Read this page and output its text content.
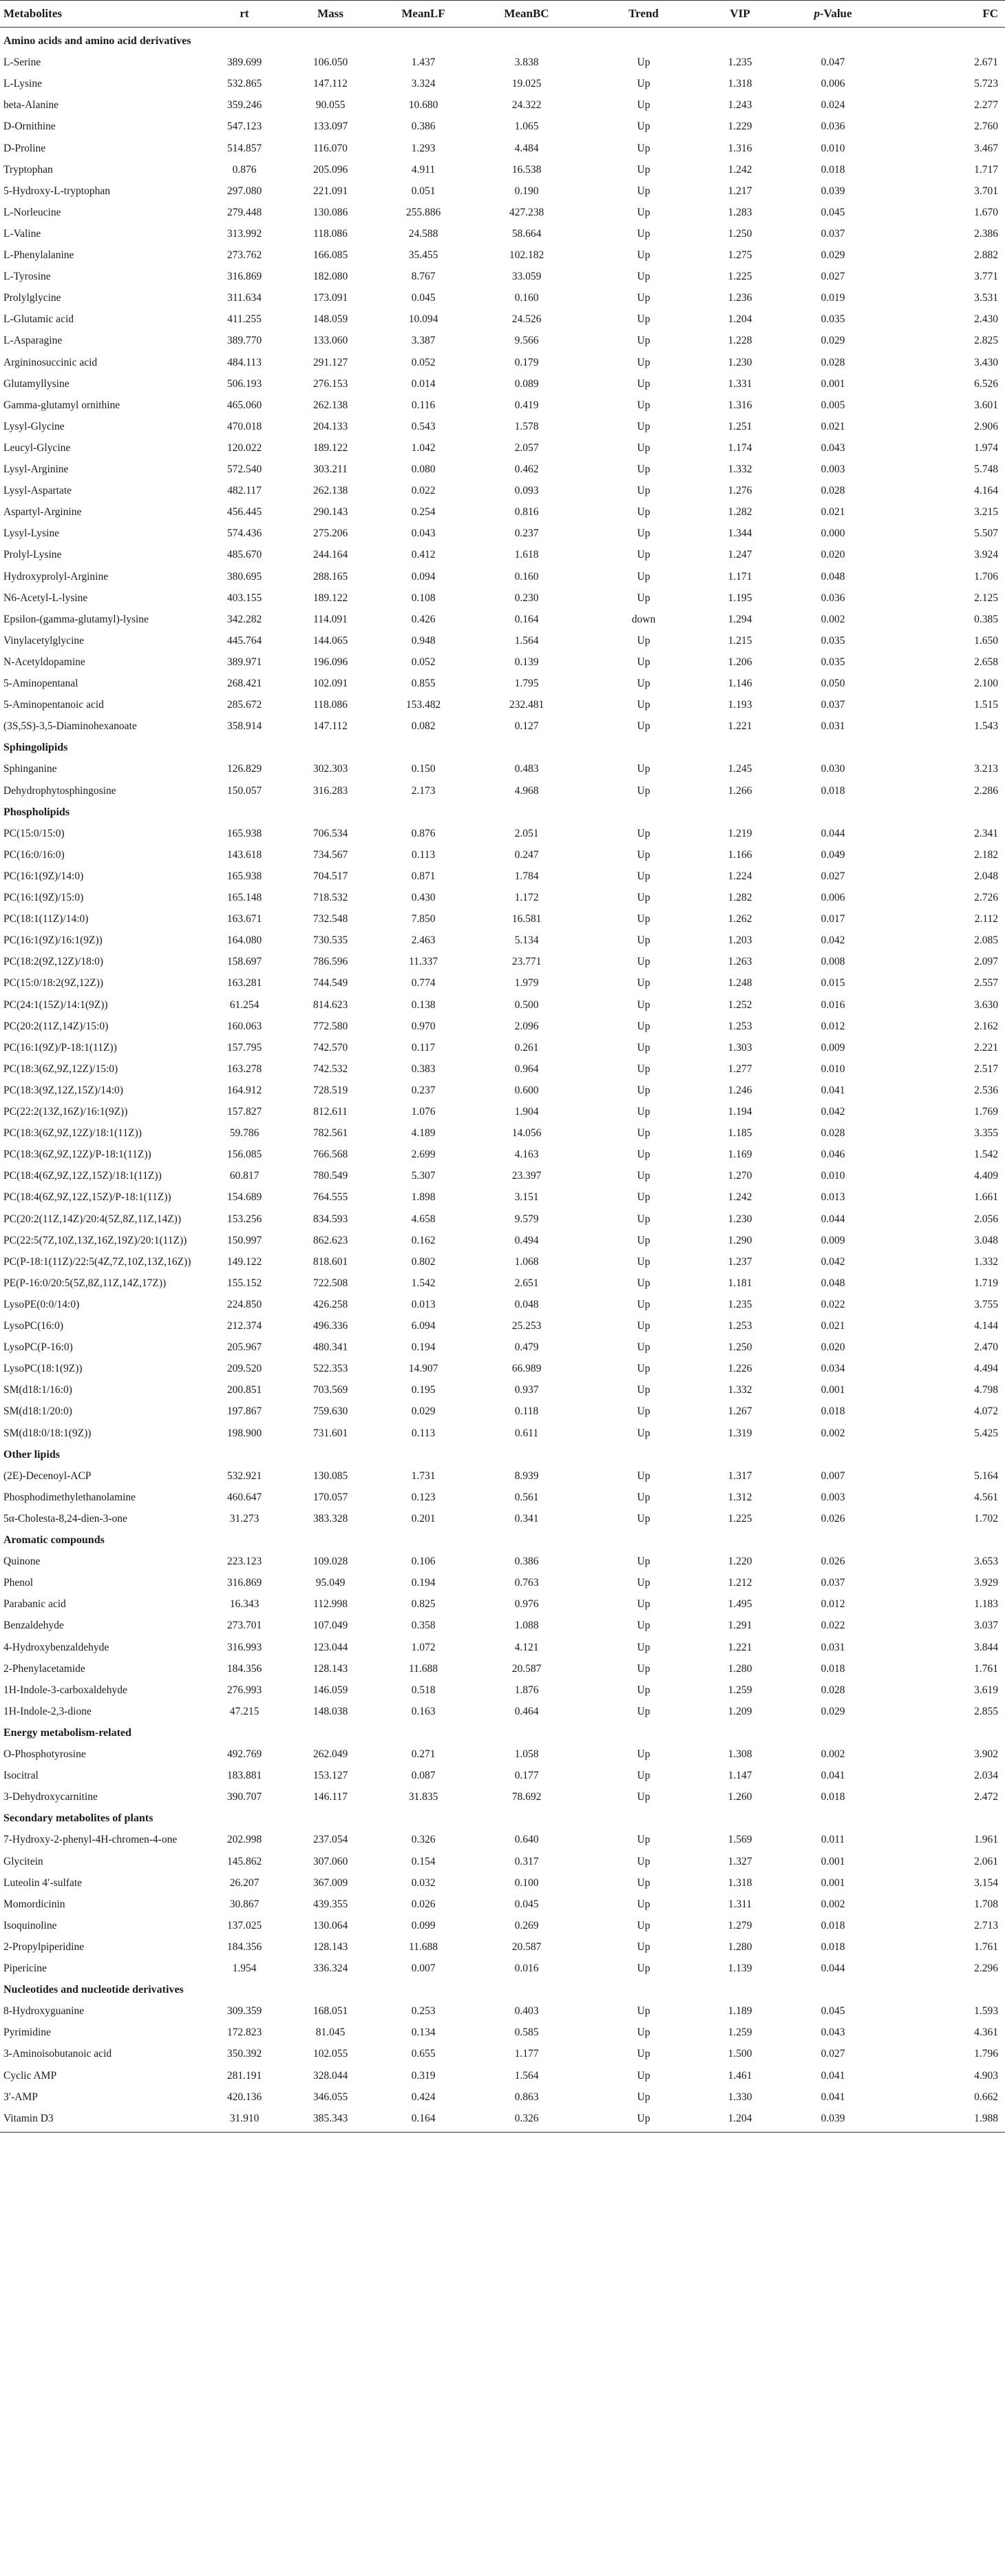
Metabolites	rt	Mass	MeanLF	MeanBC	Trend	VIP	p-Value	FC
Amino acids and amino acid derivatives
L-Serine	389.699	106.050	1.437	3.838	Up	1.235	0.047	2.671
L-Lysine	532.865	147.112	3.324	19.025	Up	1.318	0.006	5.723
beta-Alanine	359.246	90.055	10.680	24.322	Up	1.243	0.024	2.277
D-Ornithine	547.123	133.097	0.386	1.065	Up	1.229	0.036	2.760
D-Proline	514.857	116.070	1.293	4.484	Up	1.316	0.010	3.467
Tryptophan	0.876	205.096	4.911	16.538	Up	1.242	0.018	1.717
5-Hydroxy-L-tryptophan	297.080	221.091	0.051	0.190	Up	1.217	0.039	3.701
L-Norleucine	279.448	130.086	255.886	427.238	Up	1.283	0.045	1.670
L-Valine	313.992	118.086	24.588	58.664	Up	1.250	0.037	2.386
L-Phenylalanine	273.762	166.085	35.455	102.182	Up	1.275	0.029	2.882
L-Tyrosine	316.869	182.080	8.767	33.059	Up	1.225	0.027	3.771
Prolylglycine	311.634	173.091	0.045	0.160	Up	1.236	0.019	3.531
L-Glutamic acid	411.255	148.059	10.094	24.526	Up	1.204	0.035	2.430
L-Asparagine	389.770	133.060	3.387	9.566	Up	1.228	0.029	2.825
Argininosuccinic acid	484.113	291.127	0.052	0.179	Up	1.230	0.028	3.430
Glutamyllysine	506.193	276.153	0.014	0.089	Up	1.331	0.001	6.526
Gamma-glutamyl ornithine	465.060	262.138	0.116	0.419	Up	1.316	0.005	3.601
Lysyl-Glycine	470.018	204.133	0.543	1.578	Up	1.251	0.021	2.906
Leucyl-Glycine	120.022	189.122	1.042	2.057	Up	1.174	0.043	1.974
Lysyl-Arginine	572.540	303.211	0.080	0.462	Up	1.332	0.003	5.748
Lysyl-Aspartate	482.117	262.138	0.022	0.093	Up	1.276	0.028	4.164
Aspartyl-Arginine	456.445	290.143	0.254	0.816	Up	1.282	0.021	3.215
Lysyl-Lysine	574.436	275.206	0.043	0.237	Up	1.344	0.000	5.507
Prolyl-Lysine	485.670	244.164	0.412	1.618	Up	1.247	0.020	3.924
Hydroxyprolyl-Arginine	380.695	288.165	0.094	0.160	Up	1.171	0.048	1.706
N6-Acetyl-L-lysine	403.155	189.122	0.108	0.230	Up	1.195	0.036	2.125
Epsilon-(gamma-glutamyl)-lysine	342.282	114.091	0.426	0.164	down	1.294	0.002	0.385
Vinylacetylglycine	445.764	144.065	0.948	1.564	Up	1.215	0.035	1.650
N-Acetyldopamine	389.971	196.096	0.052	0.139	Up	1.206	0.035	2.658
5-Aminopentanal	268.421	102.091	0.855	1.795	Up	1.146	0.050	2.100
5-Aminopentanoic acid	285.672	118.086	153.482	232.481	Up	1.193	0.037	1.515
(3S,5S)-3,5-Diaminohexanoate	358.914	147.112	0.082	0.127	Up	1.221	0.031	1.543
Sphingolipids
Sphinganine	126.829	302.303	0.150	0.483	Up	1.245	0.030	3.213
Dehydrophytosphingosine	150.057	316.283	2.173	4.968	Up	1.266	0.018	2.286
Phospholipids
PC(15:0/15:0)	165.938	706.534	0.876	2.051	Up	1.219	0.044	2.341
PC(16:0/16:0)	143.618	734.567	0.113	0.247	Up	1.166	0.049	2.182
PC(16:1(9Z)/14:0)	165.938	704.517	0.871	1.784	Up	1.224	0.027	2.048
PC(16:1(9Z)/15:0)	165.148	718.532	0.430	1.172	Up	1.282	0.006	2.726
PC(18:1(11Z)/14:0)	163.671	732.548	7.850	16.581	Up	1.262	0.017	2.112
PC(16:1(9Z)/16:1(9Z))	164.080	730.535	2.463	5.134	Up	1.203	0.042	2.085
PC(18:2(9Z,12Z)/18:0)	158.697	786.596	11.337	23.771	Up	1.263	0.008	2.097
PC(15:0/18:2(9Z,12Z))	163.281	744.549	0.774	1.979	Up	1.248	0.015	2.557
PC(24:1(15Z)/14:1(9Z))	61.254	814.623	0.138	0.500	Up	1.252	0.016	3.630
PC(20:2(11Z,14Z)/15:0)	160.063	772.580	0.970	2.096	Up	1.253	0.012	2.162
PC(16:1(9Z)/P-18:1(11Z))	157.795	742.570	0.117	0.261	Up	1.303	0.009	2.221
PC(18:3(6Z,9Z,12Z)/15:0)	163.278	742.532	0.383	0.964	Up	1.277	0.010	2.517
PC(18:3(9Z,12Z,15Z)/14:0)	164.912	728.519	0.237	0.600	Up	1.246	0.041	2.536
PC(22:2(13Z,16Z)/16:1(9Z))	157.827	812.611	1.076	1.904	Up	1.194	0.042	1.769
PC(18:3(6Z,9Z,12Z)/18:1(11Z))	59.786	782.561	4.189	14.056	Up	1.185	0.028	3.355
PC(18:3(6Z,9Z,12Z)/P-18:1(11Z))	156.085	766.568	2.699	4.163	Up	1.169	0.046	1.542
PC(18:4(6Z,9Z,12Z,15Z)/18:1(11Z))	60.817	780.549	5.307	23.397	Up	1.270	0.010	4.409
PC(18:4(6Z,9Z,12Z,15Z)/P-18:1(11Z))	154.689	764.555	1.898	3.151	Up	1.242	0.013	1.661
PC(20:2(11Z,14Z)/20:4(5Z,8Z,11Z,14Z))	153.256	834.593	4.658	9.579	Up	1.230	0.044	2.056
PC(22:5(7Z,10Z,13Z,16Z,19Z)/20:1(11Z))	150.997	862.623	0.162	0.494	Up	1.290	0.009	3.048
PC(P-18:1(11Z)/22:5(4Z,7Z,10Z,13Z,16Z))	149.122	818.601	0.802	1.068	Up	1.237	0.042	1.332
PE(P-16:0/20:5(5Z,8Z,11Z,14Z,17Z))	155.152	722.508	1.542	2.651	Up	1.181	0.048	1.719
LysoPE(0:0/14:0)	224.850	426.258	0.013	0.048	Up	1.235	0.022	3.755
LysoPC(16:0)	212.374	496.336	6.094	25.253	Up	1.253	0.021	4.144
LysoPC(P-16:0)	205.967	480.341	0.194	0.479	Up	1.250	0.020	2.470
LysoPC(18:1(9Z))	209.520	522.353	14.907	66.989	Up	1.226	0.034	4.494
SM(d18:1/16:0)	200.851	703.569	0.195	0.937	Up	1.332	0.001	4.798
SM(d18:1/20:0)	197.867	759.630	0.029	0.118	Up	1.267	0.018	4.072
SM(d18:0/18:1(9Z))	198.900	731.601	0.113	0.611	Up	1.319	0.002	5.425
Other lipids
(2E)-Decenoyl-ACP	532.921	130.085	1.731	8.939	Up	1.317	0.007	5.164
Phosphodimethylethanolamine	460.647	170.057	0.123	0.561	Up	1.312	0.003	4.561
5α-Cholesta-8,24-dien-3-one	31.273	383.328	0.201	0.341	Up	1.225	0.026	1.702
Aromatic compounds
Quinone	223.123	109.028	0.106	0.386	Up	1.220	0.026	3.653
Phenol	316.869	95.049	0.194	0.763	Up	1.212	0.037	3.929
Parabanic acid	16.343	112.998	0.825	0.976	Up	1.495	0.012	1.183
Benzaldehyde	273.701	107.049	0.358	1.088	Up	1.291	0.022	3.037
4-Hydroxybenzaldehyde	316.993	123.044	1.072	4.121	Up	1.221	0.031	3.844
2-Phenylacetamide	184.356	128.143	11.688	20.587	Up	1.280	0.018	1.761
1H-Indole-3-carboxaldehyde	276.993	146.059	0.518	1.876	Up	1.259	0.028	3.619
1H-Indole-2,3-dione	47.215	148.038	0.163	0.464	Up	1.209	0.029	2.855
Energy metabolism-related
O-Phosphotyrosine	492.769	262.049	0.271	1.058	Up	1.308	0.002	3.902
Isocitral	183.881	153.127	0.087	0.177	Up	1.147	0.041	2.034
3-Dehydroxycarnitine	390.707	146.117	31.835	78.692	Up	1.260	0.018	2.472
Secondary metabolites of plants
7-Hydroxy-2-phenyl-4H-chromen-4-one	202.998	237.054	0.326	0.640	Up	1.569	0.011	1.961
Glycitein	145.862	307.060	0.154	0.317	Up	1.327	0.001	2.061
Luteolin 4′-sulfate	26.207	367.009	0.032	0.100	Up	1.318	0.001	3.154
Momordicinin	30.867	439.355	0.026	0.045	Up	1.311	0.002	1.708
Isoquinoline	137.025	130.064	0.099	0.269	Up	1.279	0.018	2.713
2-Propylpiperidine	184.356	128.143	11.688	20.587	Up	1.280	0.018	1.761
Pipericine	1.954	336.324	0.007	0.016	Up	1.139	0.044	2.296
Nucleotides and nucleotide derivatives
8-Hydroxyguanine	309.359	168.051	0.253	0.403	Up	1.189	0.045	1.593
Pyrimidine	172.823	81.045	0.134	0.585	Up	1.259	0.043	4.361
3-Aminoisobutanoic acid	350.392	102.055	0.655	1.177	Up	1.500	0.027	1.796
Cyclic AMP	281.191	328.044	0.319	1.564	Up	1.461	0.041	4.903
3′-AMP	420.136	346.055	0.424	0.863	Up	1.330	0.041	0.662
Vitamin D3	31.910	385.343	0.164	0.326	Up	1.204	0.039	1.988
